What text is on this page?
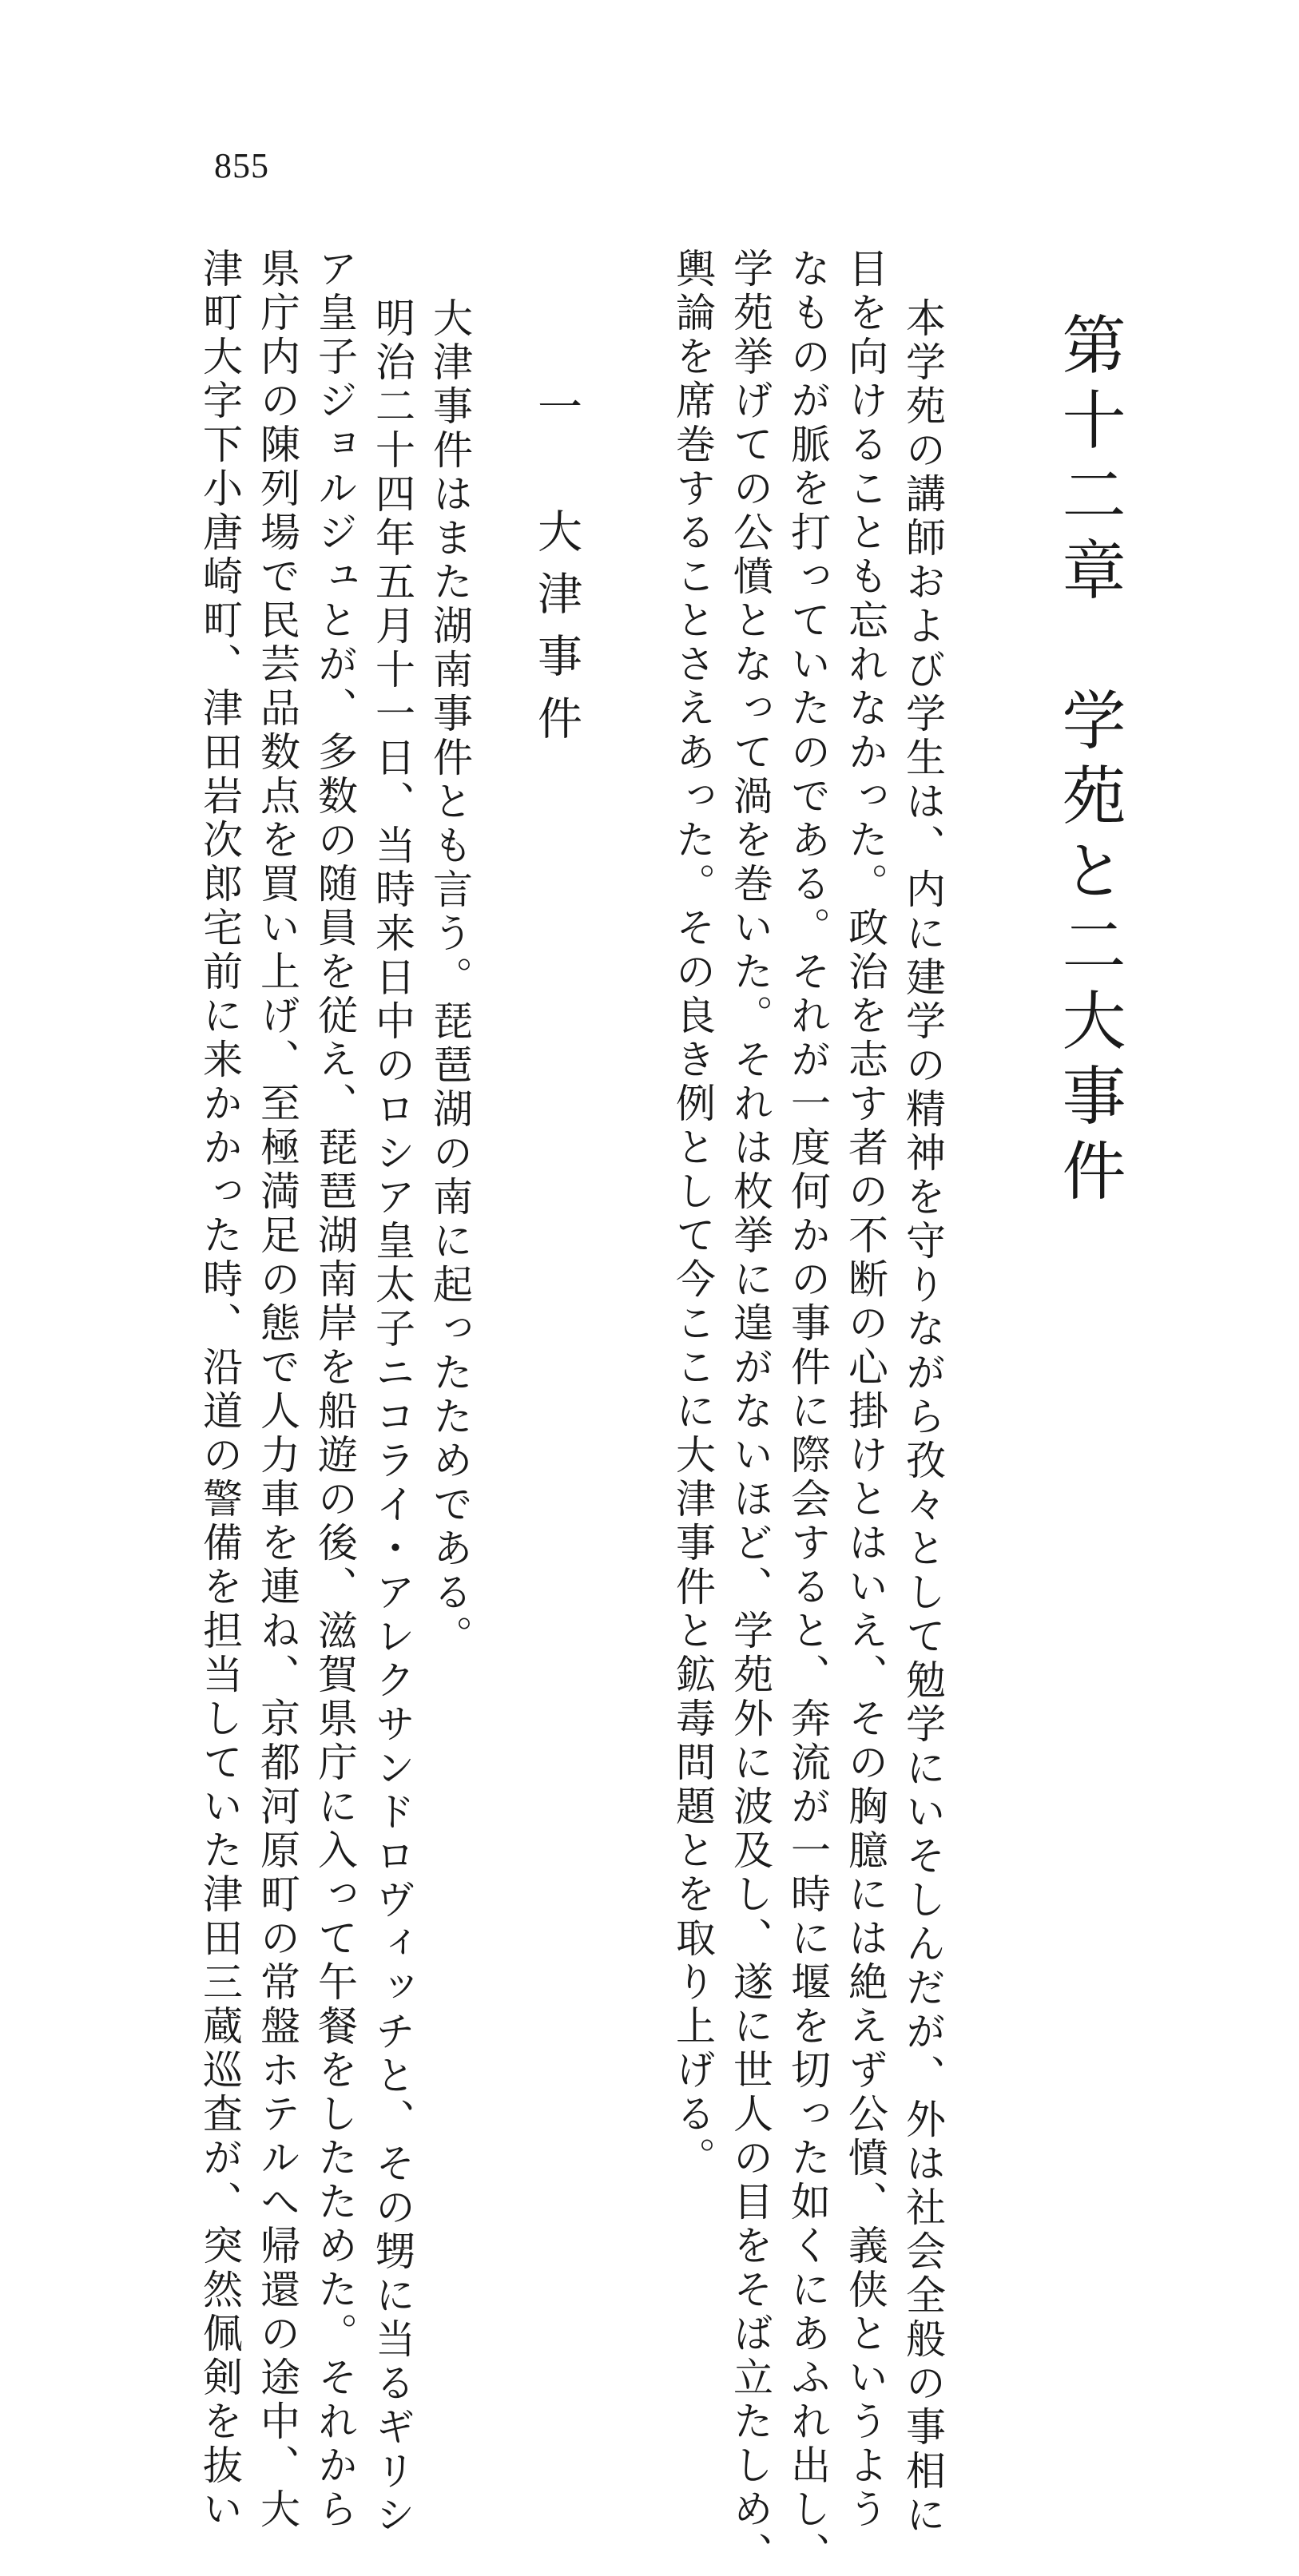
855
第十二章　学苑と二大事件
本学苑の講師および学生は、内に建学の精神を守りながら孜々として勉学にいそしんだが、外は社会全般の事相に
目を向けることも忘れなかった。政治を志す者の不断の心掛けとはいえ、その胸臆には絶えず公憤、義侠というよう
なものが脈を打っていたのである。それが一度何かの事件に際会すると、奔流が一時に堰を切った如くにあふれ出し、
学苑挙げての公憤となって渦を巻いた。それは枚挙に遑がないほど、学苑外に波及し、遂に世人の目をそば立たしめ、
輿論を席巻することさえあった。その良き例として今ここに大津事件と鉱毒問題とを取り上げる。
一　大津事件
大津事件はまた湖南事件とも言う。琵琶湖の南に起ったためである。
明治二十四年五月十一日、当時来日中のロシア皇太子ニコライ・アレクサンドロヴィッチと、その甥に当るギリシ
ア皇子ジョルジュとが、多数の随員を従え、琵琶湖南岸を船遊の後、滋賀県庁に入って午餐をしたためた。それから
県庁内の陳列場で民芸品数点を買い上げ、至極満足の態で人力車を連ね、京都河原町の常盤ホテルへ帰還の途中、大
津町大字下小唐崎町、津田岩次郎宅前に来かかった時、沿道の警備を担当していた津田三蔵巡査が、突然佩剣を抜い
